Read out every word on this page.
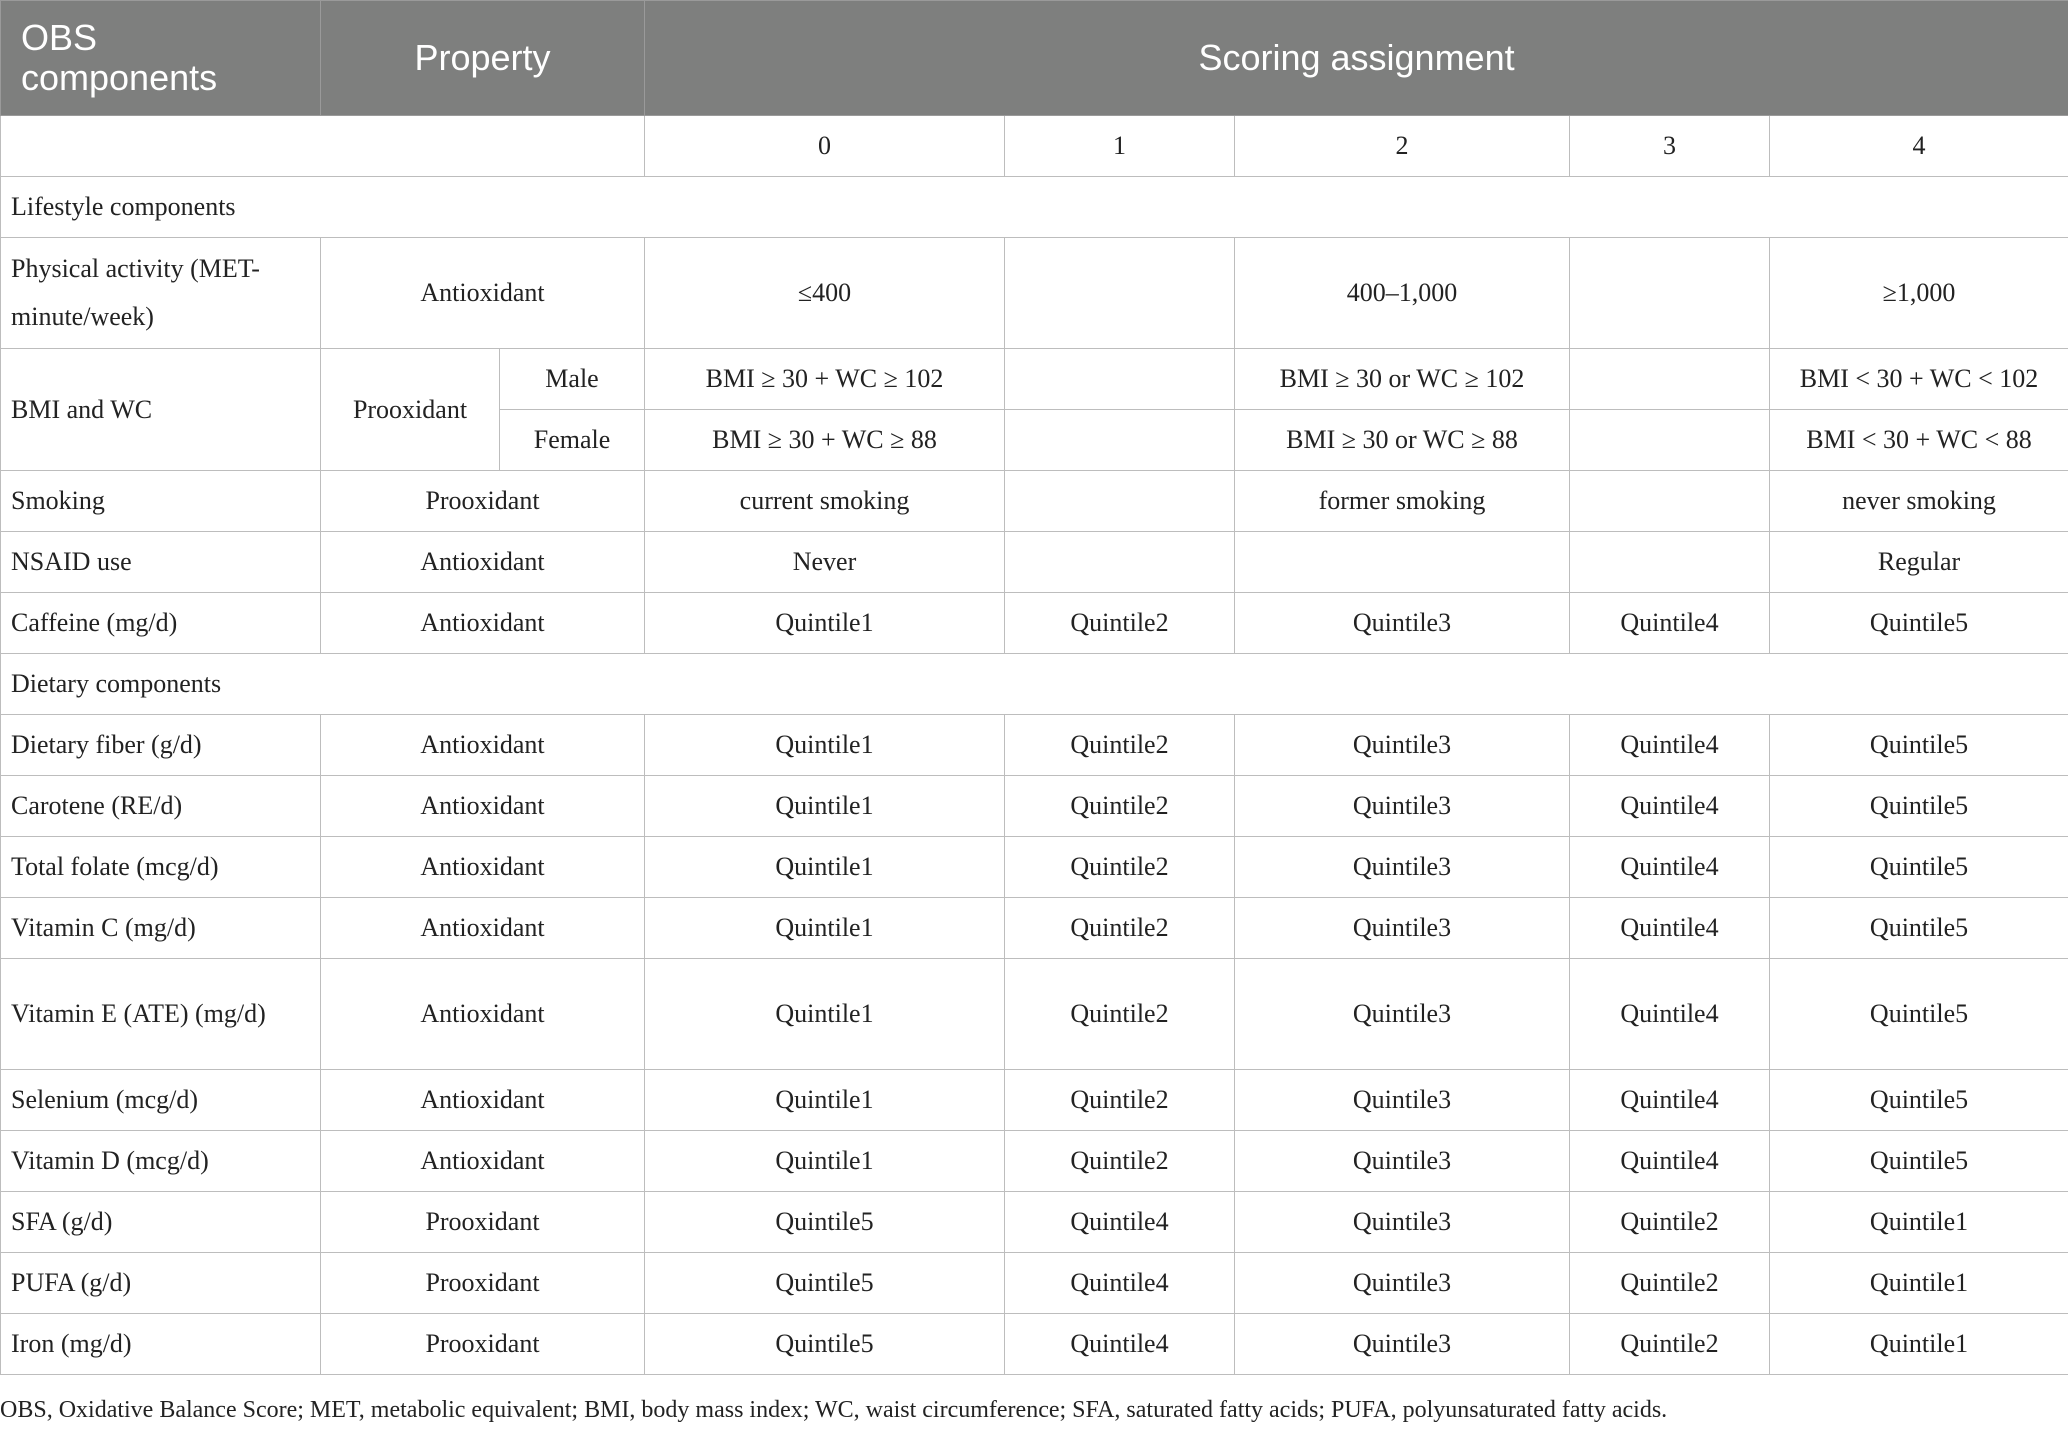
OBS components	Property		Scoring assignment				
			0	1	2	3	4
Lifestyle components							
Physical activity (MET-minute/week)	Antioxidant		≤400		400–1,000		≥1,000
BMI and WC	Prooxidant	Male	BMI ≥ 30 + WC ≥ 102		BMI ≥ 30 or WC ≥ 102		BMI < 30 + WC < 102
		Female	BMI ≥ 30 + WC ≥ 88		BMI ≥ 30 or WC ≥ 88		BMI < 30 + WC < 88
Smoking	Prooxidant		current smoking		former smoking		never smoking
NSAID use	Antioxidant		Never				Regular
Caffeine (mg/d)	Antioxidant		Quintile1	Quintile2	Quintile3	Quintile4	Quintile5
Dietary components							
Dietary fiber (g/d)	Antioxidant		Quintile1	Quintile2	Quintile3	Quintile4	Quintile5
Carotene (RE/d)	Antioxidant		Quintile1	Quintile2	Quintile3	Quintile4	Quintile5
Total folate (mcg/d)	Antioxidant		Quintile1	Quintile2	Quintile3	Quintile4	Quintile5
Vitamin C (mg/d)	Antioxidant		Quintile1	Quintile2	Quintile3	Quintile4	Quintile5
Vitamin E (ATE) (mg/d)	Antioxidant		Quintile1	Quintile2	Quintile3	Quintile4	Quintile5
Selenium (mcg/d)	Antioxidant		Quintile1	Quintile2	Quintile3	Quintile4	Quintile5
Vitamin D (mcg/d)	Antioxidant		Quintile1	Quintile2	Quintile3	Quintile4	Quintile5
SFA (g/d)	Prooxidant		Quintile5	Quintile4	Quintile3	Quintile2	Quintile1
PUFA (g/d)	Prooxidant		Quintile5	Quintile4	Quintile3	Quintile2	Quintile1
Iron (mg/d)	Prooxidant		Quintile5	Quintile4	Quintile3	Quintile2	Quintile1
OBS, Oxidative Balance Score; MET, metabolic equivalent; BMI, body mass index; WC, waist circumference; SFA, saturated fatty acids; PUFA, polyunsaturated fatty acids.
